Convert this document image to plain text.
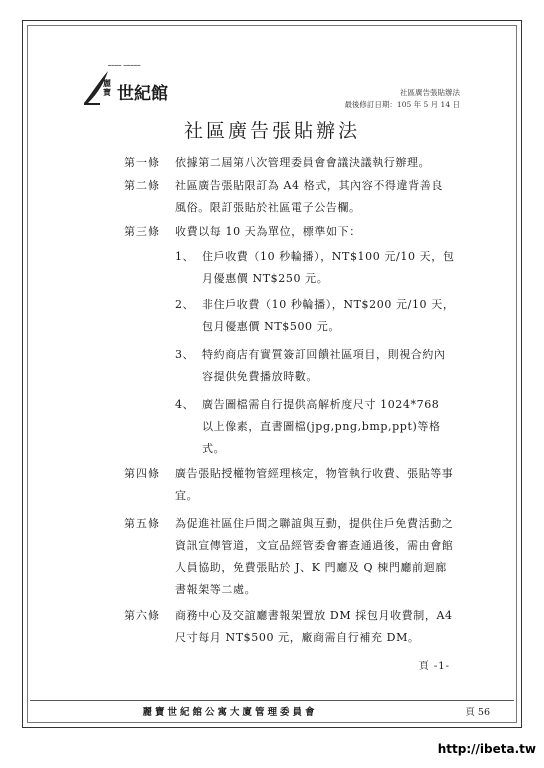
━━━━ ━━━━━
麗寶 世紀館	社區廣告張貼辦法
最後修訂日期：105 年 5 月 14 日
社區廣告張貼辦法
第一條	依據第二屆第八次管理委員會會議決議執行辦理。
第二條	社區廣告張貼限訂為 A4 格式，其內容不得違背善良風俗。限訂張貼於社區電子公告欄。
第三條	收費以每 10 天為單位，標準如下：
1、 住戶收費（10 秒輪播），NT$100 元/10 天，包月優惠價 NT$250 元。
2、 非住戶收費（10 秒輪播），NT$200 元/10 天，包月優惠價 NT$500 元。
3、 特約商店有實質簽訂回饋社區項目，則視合約內容提供免費播放時數。
4、 廣告圖檔需自行提供高解析度尺寸 1024*768 以上像素，直書圖檔(jpg,png,bmp,ppt)等格式。
第四條	廣告張貼授權物管經理核定，物管執行收費、張貼等事宜。
第五條	為促進社區住戶間之聯誼與互動，提供住戶免費活動之資訊宣傳管道，文宣品經管委會審查通過後，需由會館人員協助，免費張貼於 J、K 門廳及 Q 棟門廳前迴廊書報架等二處。
第六條	商務中心及交誼廳書報架置放 DM 採包月收費制，A4 尺寸每月 NT$500 元，廠商需自行補充 DM。
頁 -1-
麗寶世紀館公寓大廈管理委員會	頁 56
http://ibeta.tw
